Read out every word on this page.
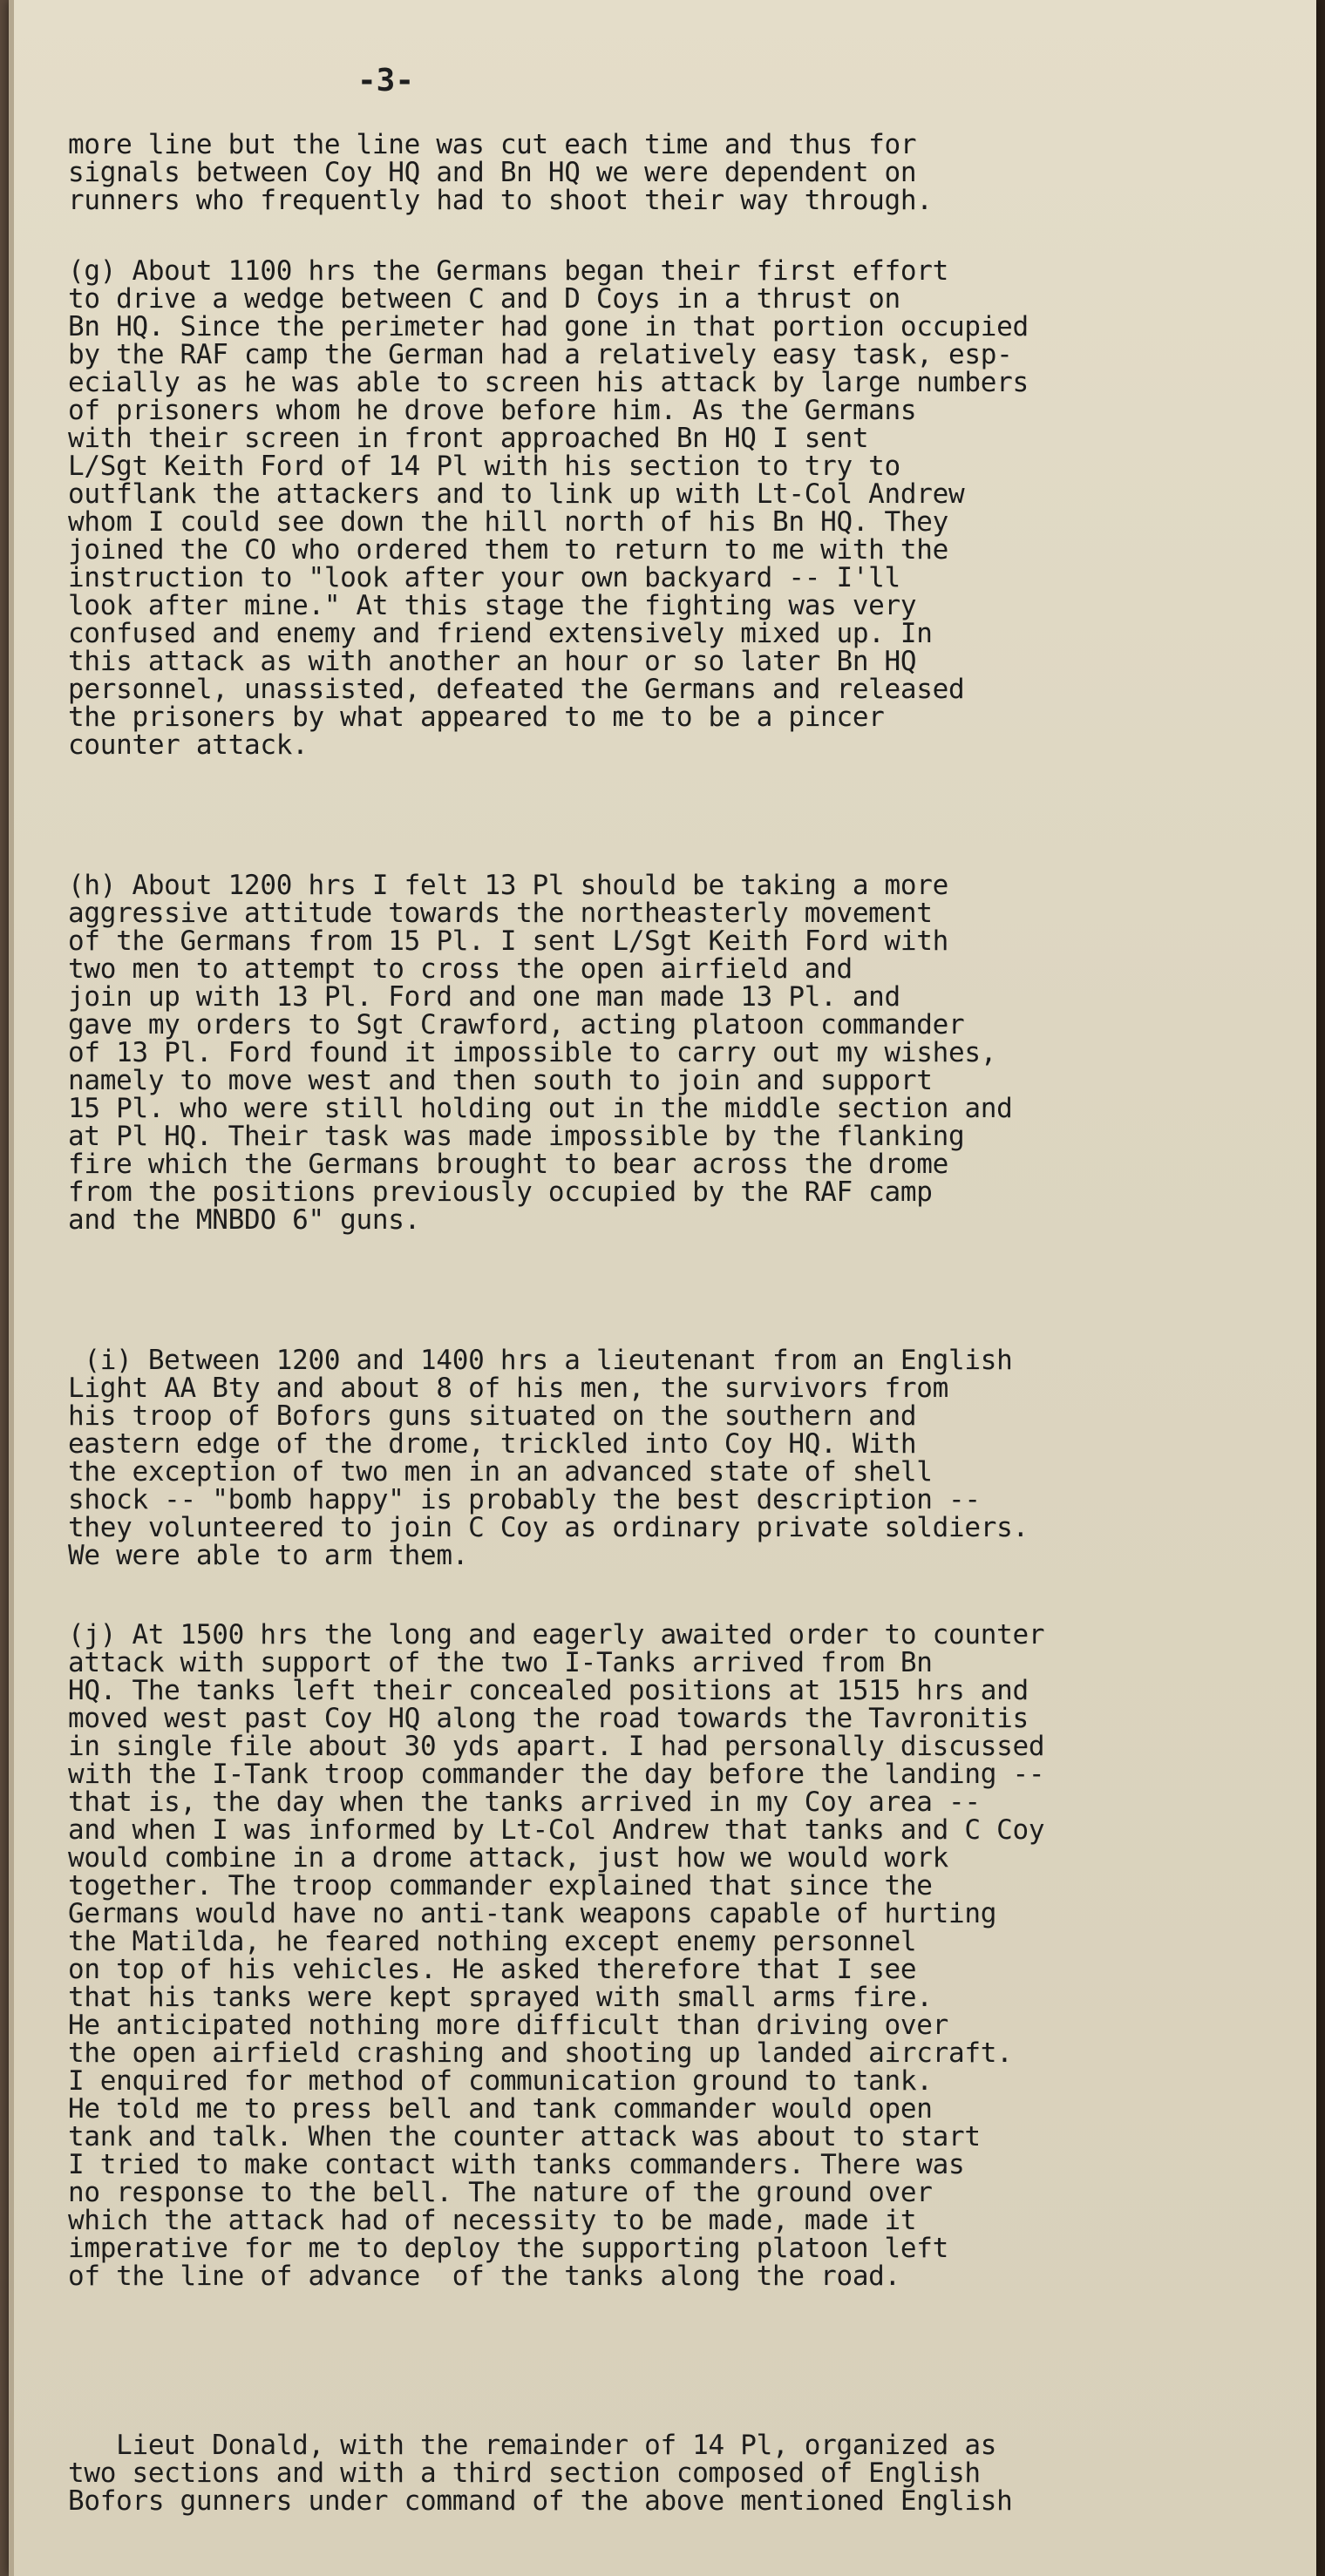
-3-
more line but the line was cut each time and thus for
signals between Coy HQ and Bn HQ we were dependent on
runners who frequently had to shoot their way through.
(g) About 1100 hrs the Germans began their first effort
to drive a wedge between C and D Coys in a thrust on
Bn HQ. Since the perimeter had gone in that portion occupied
by the RAF camp the German had a relatively easy task, esp-
ecially as he was able to screen his attack by large numbers
of prisoners whom he drove before him. As the Germans
with their screen in front approached Bn HQ I sent
L/Sgt Keith Ford of 14 Pl with his section to try to
outflank the attackers and to link up with Lt-Col Andrew
whom I could see down the hill north of his Bn HQ. They
joined the CO who ordered them to return to me with the
instruction to "look after your own backyard -- I'll
look after mine." At this stage the fighting was very
confused and enemy and friend extensively mixed up. In
this attack as with another an hour or so later Bn HQ
personnel, unassisted, defeated the Germans and released
the prisoners by what appeared to me to be a pincer
counter attack.
(h) About 1200 hrs I felt 13 Pl should be taking a more
aggressive attitude towards the northeasterly movement
of the Germans from 15 Pl. I sent L/Sgt Keith Ford with
two men to attempt to cross the open airfield and
join up with 13 Pl. Ford and one man made 13 Pl. and
gave my orders to Sgt Crawford, acting platoon commander
of 13 Pl. Ford found it impossible to carry out my wishes,
namely to move west and then south to join and support
15 Pl. who were still holding out in the middle section and
at Pl HQ. Their task was made impossible by the flanking
fire which the Germans brought to bear across the drome
from the positions previously occupied by the RAF camp
and the MNBDO 6" guns.
(i) Between 1200 and 1400 hrs a lieutenant from an English
Light AA Bty and about 8 of his men, the survivors from
his troop of Bofors guns situated on the southern and
eastern edge of the drome, trickled into Coy HQ. With
the exception of two men in an advanced state of shell
shock -- "bomb happy" is probably the best description --
they volunteered to join C Coy as ordinary private soldiers.
We were able to arm them.
(j) At 1500 hrs the long and eagerly awaited order to counter
attack with support of the two I-Tanks arrived from Bn
HQ. The tanks left their concealed positions at 1515 hrs and
moved west past Coy HQ along the road towards the Tavronitis
in single file about 30 yds apart. I had personally discussed
with the I-Tank troop commander the day before the landing --
that is, the day when the tanks arrived in my Coy area --
and when I was informed by Lt-Col Andrew that tanks and C Coy
would combine in a drome attack, just how we would work
together. The troop commander explained that since the
Germans would have no anti-tank weapons capable of hurting
the Matilda, he feared nothing except enemy personnel
on top of his vehicles. He asked therefore that I see
that his tanks were kept sprayed with small arms fire.
He anticipated nothing more difficult than driving over
the open airfield crashing and shooting up landed aircraft.
I enquired for method of communication ground to tank.
He told me to press bell and tank commander would open
tank and talk. When the counter attack was about to start
I tried to make contact with tanks commanders. There was
no response to the bell. The nature of the ground over
which the attack had of necessity to be made, made it
imperative for me to deploy the supporting platoon left
of the line of advance  of the tanks along the road.
Lieut Donald, with the remainder of 14 Pl, organized as
two sections and with a third section composed of English
Bofors gunners under command of the above mentioned English
